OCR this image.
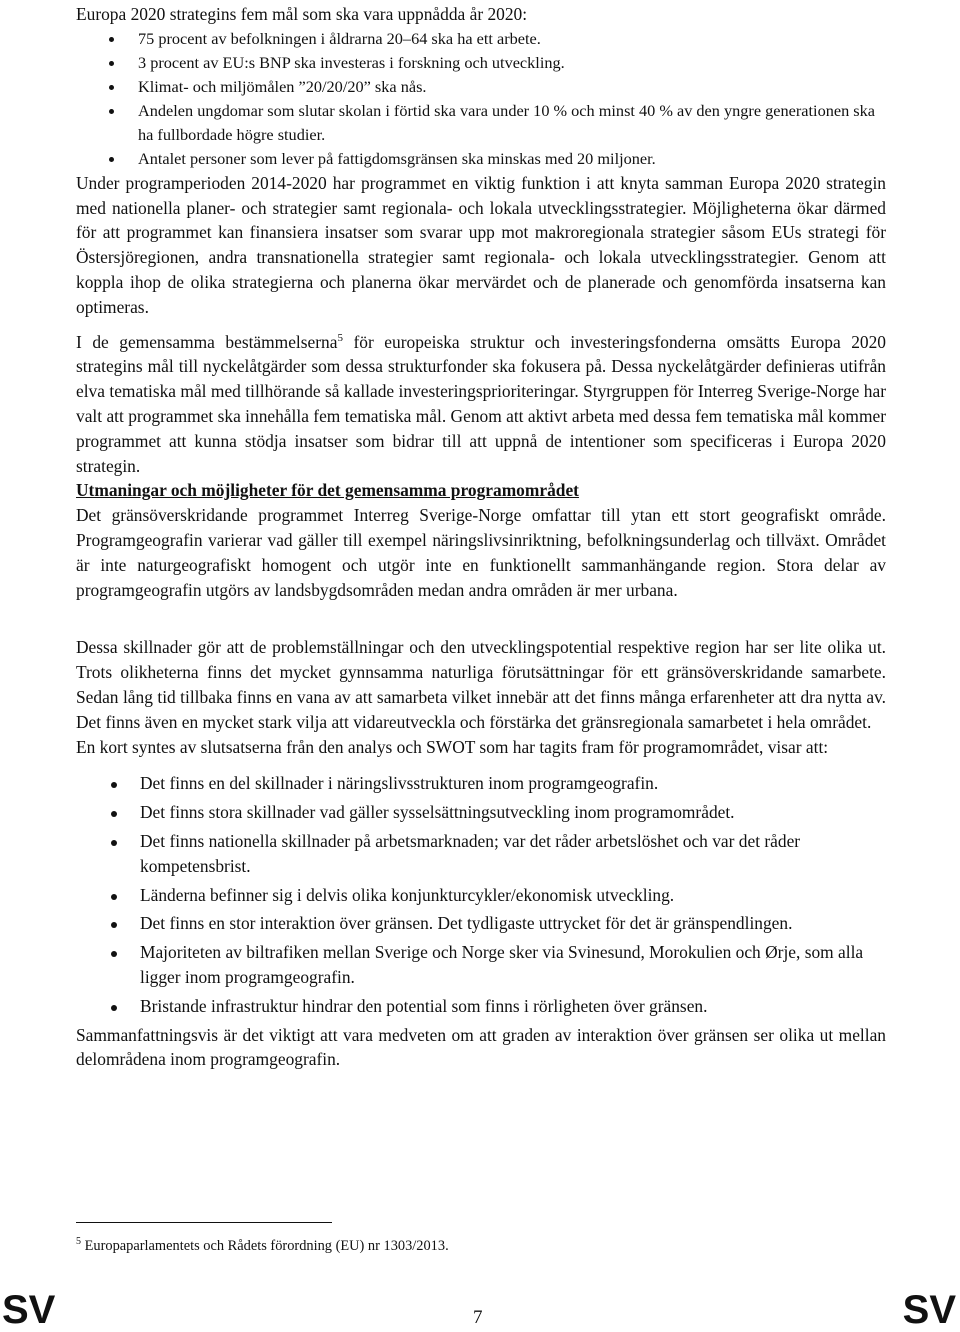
Europa 2020 strategins fem mål som ska vara uppnådda år 2020:

75 procent av befolkningen i åldrarna 20–64 ska ha ett arbete.
3 procent av EU:s BNP ska investeras i forskning och utveckling.
Klimat- och miljömålen ”20/20/20” ska nås.
Andelen ungdomar som slutar skolan i förtid ska vara under 10 % och minst 40 % av den yngre generationen ska ha fullbordade högre studier.
Antalet personer som lever på fattigdomsgränsen ska minskas med 20 miljoner.

Under programperioden 2014-2020 har programmet en viktig funktion i att knyta samman Europa 2020 strategin med nationella planer- och strategier samt regionala- och lokala utvecklingsstrategier. Möjligheterna ökar därmed för att programmet kan finansiera insatser som svarar upp mot makroregionala strategier såsom EUs strategi för Östersjöregionen, andra transnationella strategier samt regionala- och lokala utvecklingsstrategier. Genom att koppla ihop de olika strategierna och planerna ökar mervärdet och de planerade och genomförda insatserna kan optimeras.

I de gemensamma bestämmelserna$^5$ för europeiska struktur och investeringsfonderna omsätts Europa 2020 strategins mål till nyckelåtgärder som dessa strukturfonder ska fokusera på. Dessa nyckelåtgärder definieras utifrån elva tematiska mål med tillhörande så kallade investeringsprioriteringar. Styrgruppen för Interreg Sverige-Norge har valt att programmet ska innehålla fem tematiska mål. Genom att aktivt arbeta med dessa fem tematiska mål kommer programmet att kunna stödja insatser som bidrar till att uppnå de intentioner som specificeras i Europa 2020 strategin.

Utmaningar och möjligheter för det gemensamma programområdet

Det gränsöverskridande programmet Interreg Sverige-Norge omfattar till ytan ett stort geografiskt område. Programgeografin varierar vad gäller till exempel näringslivsinriktning, befolkningsunderlag och tillväxt. Området är inte naturgeografiskt homogent och utgör inte en funktionellt sammanhängande region. Stora delar av programgeografin utgörs av landsbygdsområden medan andra områden är mer urbana.

Dessa skillnader gör att de problemställningar och den utvecklingspotential respektive region har ser lite olika ut. Trots olikheterna finns det mycket gynnsamma naturliga förutsättningar för ett gränsöverskridande samarbete. Sedan lång tid tillbaka finns en vana av att samarbeta vilket innebär att det finns många erfarenheter att dra nytta av. Det finns även en mycket stark vilja att vidareutveckla och förstärka det gränsregionala samarbetet i hela området.

En kort syntes av slutsatserna från den analys och SWOT som har tagits fram för programområdet, visar att:

Det finns en del skillnader i näringslivsstrukturen inom programgeografin.
Det finns stora skillnader vad gäller sysselsättningsutveckling inom programområdet.
Det finns nationella skillnader på arbetsmarknaden; var det råder arbetslöshet och var det råder kompetensbrist.
Länderna befinner sig i delvis olika konjunkturcykler/ekonomisk utveckling.
Det finns en stor interaktion över gränsen. Det tydligaste uttrycket för det är gränspendlingen.
Majoriteten av biltrafiken mellan Sverige och Norge sker via Svinesund, Morokulien och Ørje, som alla ligger inom programgeografin.
Bristande infrastruktur hindrar den potential som finns i rörligheten över gränsen.

Sammanfattningsvis är det viktigt att vara medveten om att graden av interaktion över gränsen ser olika ut mellan delområdena inom programgeografin.

$^5$ Europaparlamentets och Rådets förordning (EU) nr 1303/2013.
SV	7	SV
